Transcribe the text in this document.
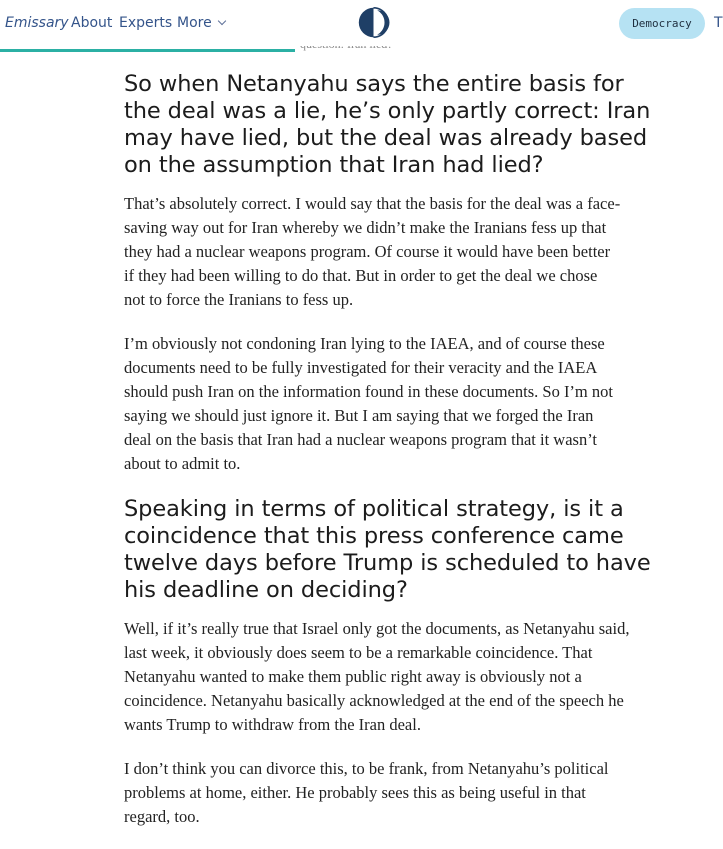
Emissary About Experts More	Democracy	T
So when Netanyahu says the entire basis for
the deal was a lie, he’s only partly correct: Iran
may have lied, but the deal was already based
on the assumption that Iran had lied?
That’s absolutely correct. I would say that the basis for the deal was a face-
saving way out for Iran whereby we didn’t make the Iranians fess up that
they had a nuclear weapons program. Of course it would have been better
if they had been willing to do that. But in order to get the deal we chose
not to force the Iranians to fess up.
I’m obviously not condoning Iran lying to the IAEA, and of course these
documents need to be fully investigated for their veracity and the IAEA
should push Iran on the information found in these documents. So I’m not
saying we should just ignore it. But I am saying that we forged the Iran
deal on the basis that Iran had a nuclear weapons program that it wasn’t
about to admit to.
Speaking in terms of political strategy, is it a
coincidence that this press conference came
twelve days before Trump is scheduled to have
his deadline on deciding?
Well, if it’s really true that Israel only got the documents, as Netanyahu said,
last week, it obviously does seem to be a remarkable coincidence. That
Netanyahu wanted to make them public right away is obviously not a
coincidence. Netanyahu basically acknowledged at the end of the speech he
wants Trump to withdraw from the Iran deal.
I don’t think you can divorce this, to be frank, from Netanyahu’s political
problems at home, either. He probably sees this as being useful in that
regard, too.
